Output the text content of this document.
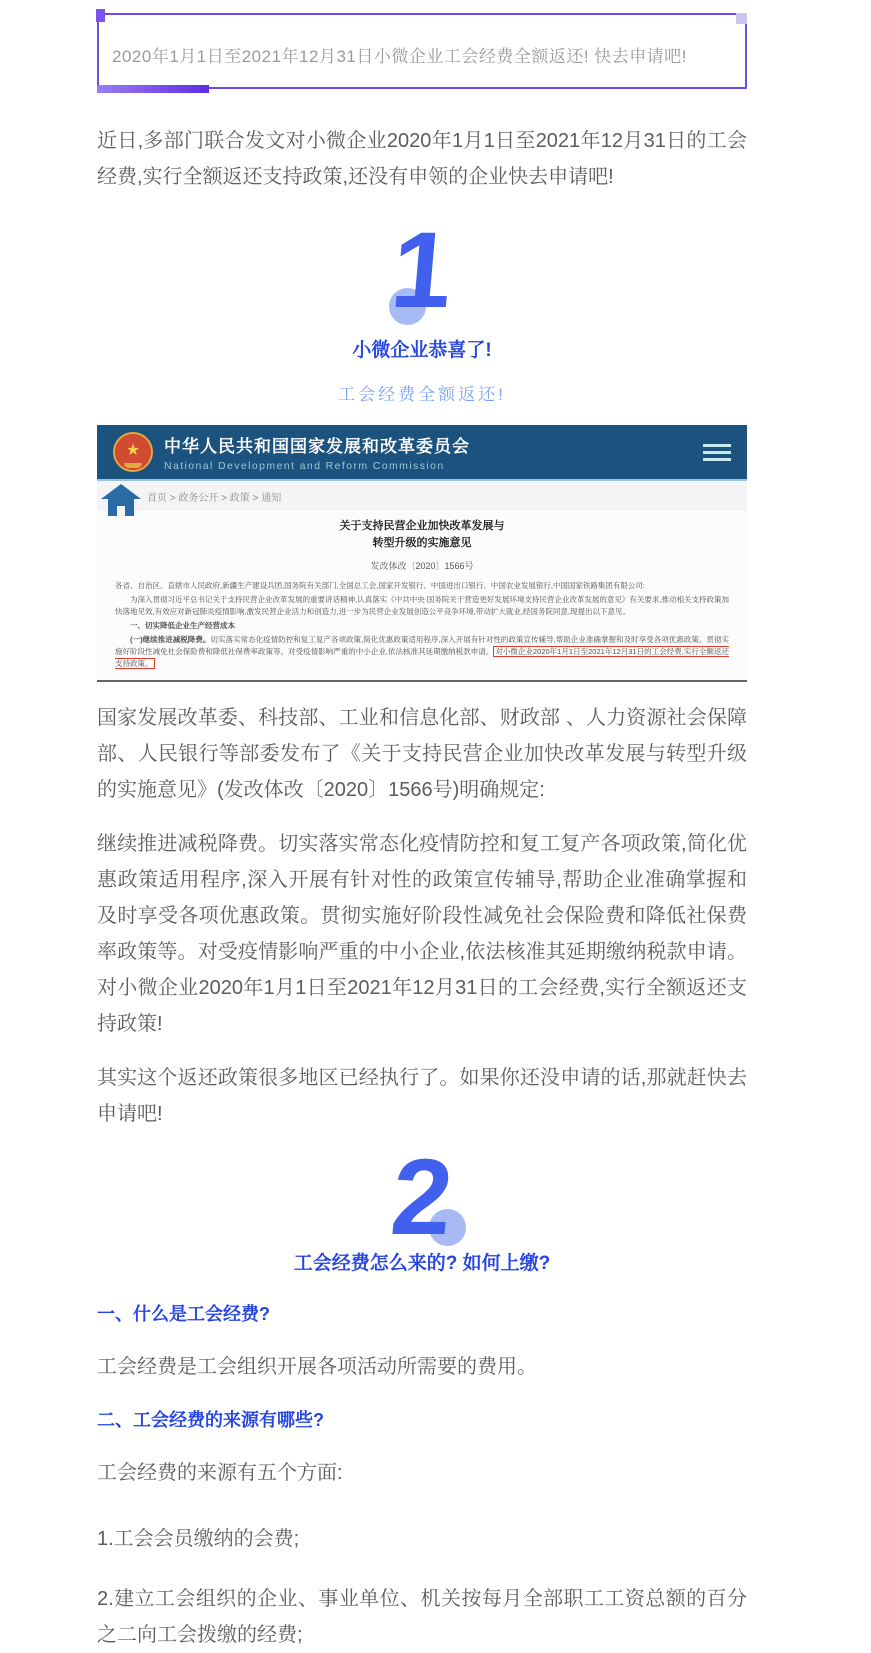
2020年1月1日至2021年12月31日小微企业工会经费全额返还! 快去申请吧!

近日,多部门联合发文对小微企业2020年1月1日至2021年12月31日的工会经费,实行全额返还支持政策,还没有申领的企业快去申请吧!

1
小微企业恭喜了!
工会经费全额返还!
★ 中华人民共和国国家发展和改革委员会
National Development and Reform Commission
首页 > 政务公开 > 政策 > 通知
关于支持民营企业加快改革发展与
转型升级的实施意见
发改体改〔2020〕1566号

各省、自治区、直辖市人民政府,新疆生产建设兵团,国务院有关部门,全国总工会,国家开发银行、中国进出口银行、中国农业发展银行,中国国家铁路集团有限公司:

为深入贯彻习近平总书记关于支持民营企业改革发展的重要讲话精神,认真落实《中共中央 国务院关于营造更好发展环境支持民营企业改革发展的意见》有关要求,推动相关支持政策加快落地见效,有效应对新冠肺炎疫情影响,激发民营企业活力和创造力,进一步为民营企业发展创造公平竞争环境,带动扩大就业,经国务院同意,现提出以下意见。

一、切实降低企业生产经营成本

(一)继续推进减税降费。切实落实常态化疫情防控和复工复产各项政策,简化优惠政策适用程序,深入开展有针对性的政策宣传辅导,帮助企业准确掌握和及时享受各项优惠政策。贯彻实施好阶段性减免社会保险费和降低社保费率政策等。对受疫情影响严重的中小企业,依法核准其延期缴纳税款申请。 对小微企业2020年1月1日至2021年12月31日的工会经费,实行全额返还支持政策。

国家发展改革委、科技部、工业和信息化部、财政部 、人力资源社会保障部、人民银行等部委发布了《关于支持民营企业加快改革发展与转型升级的实施意见》(发改体改〔2020〕1566号)明确规定:

继续推进减税降费。切实落实常态化疫情防控和复工复产各项政策,简化优惠政策适用程序,深入开展有针对性的政策宣传辅导,帮助企业准确掌握和及时享受各项优惠政策。贯彻实施好阶段性减免社会保险费和降低社保费率政策等。对受疫情影响严重的中小企业,依法核准其延期缴纳税款申请。对小微企业2020年1月1日至2021年12月31日的工会经费,实行全额返还支持政策!

其实这个返还政策很多地区已经执行了。如果你还没申请的话,那就赶快去申请吧!

2
工会经费怎么来的? 如何上缴?
一、什么是工会经费?

工会经费是工会组织开展各项活动所需要的费用。

二、工会经费的来源有哪些?

工会经费的来源有五个方面:

1.工会会员缴纳的会费;

2.建立工会组织的企业、事业单位、机关按每月全部职工工资总额的百分之二向工会拨缴的经费;
